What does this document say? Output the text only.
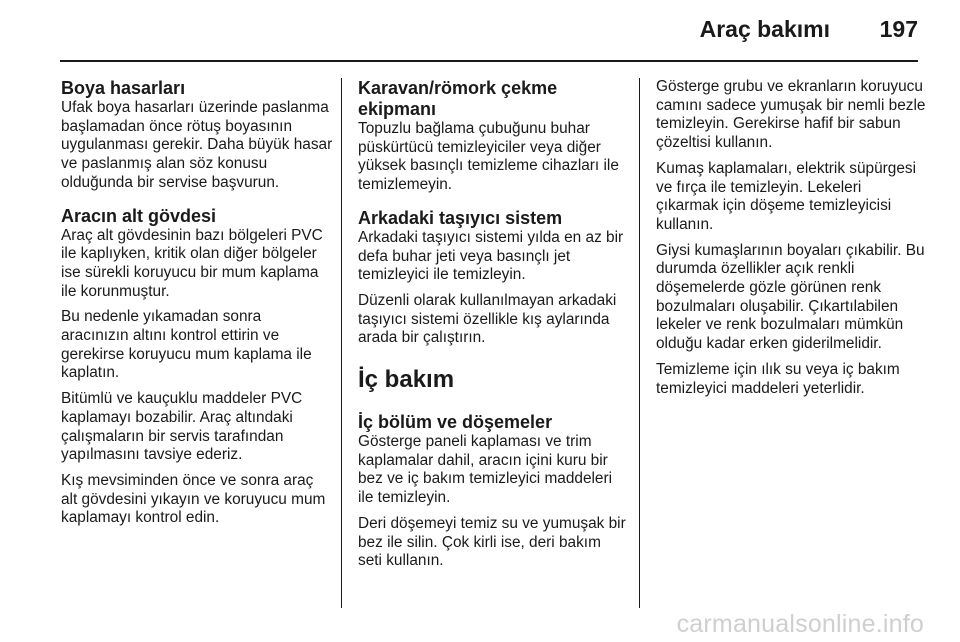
Araç bakımı 197
Boya hasarları

Ufak boya hasarları üzerinde paslanma başlamadan önce rötuş boyasının uygulanması gerekir. Daha büyük hasar ve paslanmış alan söz konusu olduğunda bir servise başvurun.

Aracın alt gövdesi

Araç alt gövdesinin bazı bölgeleri PVC ile kaplıyken, kritik olan diğer bölgeler ise sürekli koruyucu bir mum kaplama ile korunmuştur.

Bu nedenle yıkamadan sonra aracınızın altını kontrol ettirin ve gerekirse koruyucu mum kaplama ile kaplatın.

Bitümlü ve kauçuklu maddeler PVC kaplamayı bozabilir. Araç altındaki çalışmaların bir servis tarafından yapılmasını tavsiye ederiz.

Kış mevsiminden önce ve sonra araç alt gövdesini yıkayın ve koruyucu mum kaplamayı kontrol edin.

Karavan/römork çekme ekipmanı

Topuzlu bağlama çubuğunu buhar püskürtücü temizleyiciler veya diğer yüksek basınçlı temizleme cihazları ile temizlemeyin.

Arkadaki taşıyıcı sistem

Arkadaki taşıyıcı sistemi yılda en az bir defa buhar jeti veya basınçlı jet temizleyici ile temizleyin.

Düzenli olarak kullanılmayan arkadaki taşıyıcı sistemi özellikle kış aylarında arada bir çalıştırın.

İç bakım
İç bölüm ve döşemeler

Gösterge paneli kaplaması ve trim kaplamalar dahil, aracın içini kuru bir bez ve iç bakım temizleyici maddeleri ile temizleyin.

Deri döşemeyi temiz su ve yumuşak bir bez ile silin. Çok kirli ise, deri bakım seti kullanın.

Gösterge grubu ve ekranların koruyucu camını sadece yumuşak bir nemli bezle temizleyin. Gerekirse hafif bir sabun çözeltisi kullanın.

Kumaş kaplamaları, elektrik süpürgesi ve fırça ile temizleyin. Lekeleri çıkarmak için döşeme temizleyicisi kullanın.

Giysi kumaşlarının boyaları çıkabilir. Bu durumda özellikler açık renkli döşemelerde gözle görünen renk bozulmaları oluşabilir. Çıkartılabilen lekeler ve renk bozulmaları mümkün olduğu kadar erken giderilmelidir.

Temizleme için ılık su veya iç bakım temizleyici maddeleri yeterlidir.

carmanualsonline.info
